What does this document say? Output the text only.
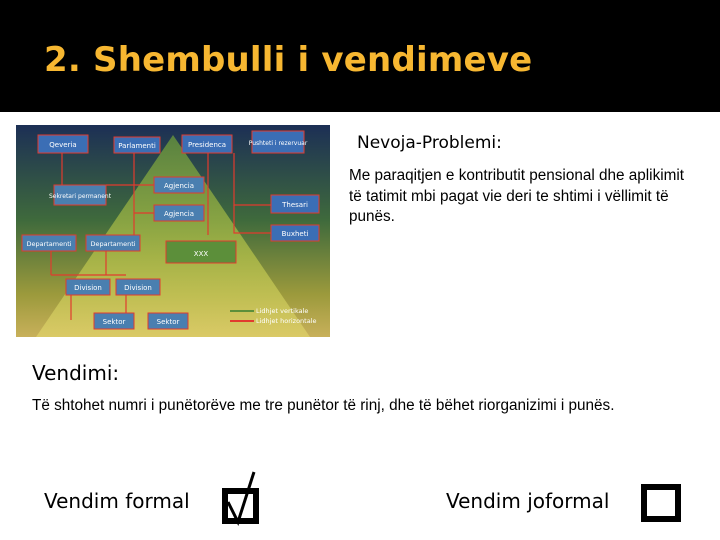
2. Shembulli i vendimeve
Qeveria	Parlamenti	Presidenca	Pushteti i rezervuar
Sekretari permanent
Agjencia
Agjencia
Thesari
Buxheti
Departamenti	Departamenti
XXX
Division	Division
Sektor	Sektor
Lidhjet vertikale
Lidhjet horizontale
Nevoja-Problemi:
Me paraqitjen e kontributit pensional dhe aplikimit të tatimit mbi pagat vie deri te shtimi i vëllimit të punës.
Vendimi:
Të shtohet numri i punëtorëve me tre punëtor të rinj, dhe të bëhet riorganizimi i punës.
Vendim formal	Vendim joformal
